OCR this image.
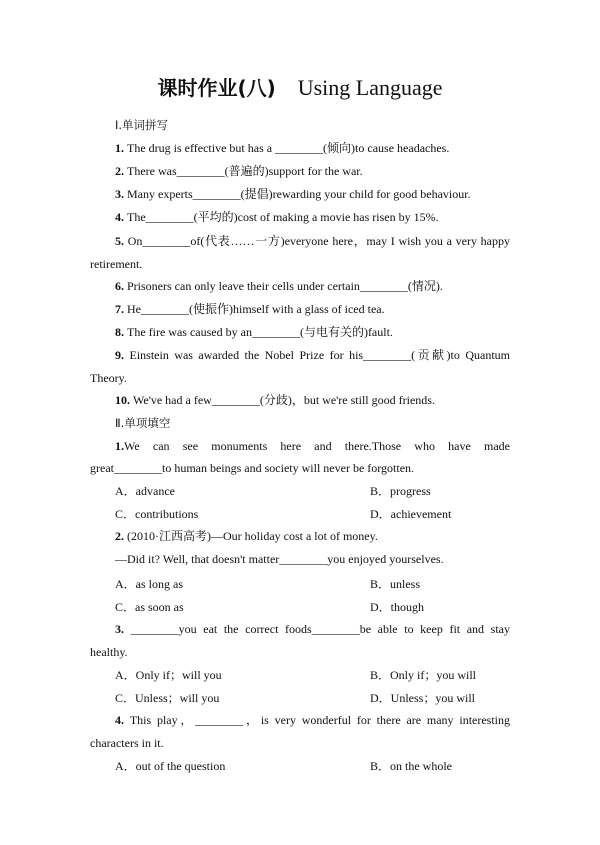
课时作业(八) Using Language
Ⅰ.单词拼写
1. The drug is effective but has a ________(倾向)to cause headaches.
2. There was________(普遍的)support for the war.
3. Many experts________(提倡)rewarding your child for good behaviour.
4. The________(平均的)cost of making a movie has risen by 15%.
5. On________of(代表……一方)everyone here，may I wish you a very happy
retirement.
6. Prisoners can only leave their cells under certain________(情况).
7. He________(使振作)himself with a glass of iced tea.
8. The fire was caused by an________(与电有关的)fault.
9. Einstein was awarded the Nobel Prize for his________(贡献)to Quantum
Theory.
10. We've had a few________(分歧)，but we're still good friends.
Ⅱ.单项填空
1.We can see monuments here and there.Those who have made
great________to human beings and society will never be forgotten.
A．advance	B．progress
C．contributions	D．achievement
2. (2010·江西高考)—Our holiday cost a lot of money.
—Did it? Well, that doesn't matter________you enjoyed yourselves.
A．as long as	B．unless
C．as soon as	D．though
3. ________you eat the correct foods________be able to keep fit and stay
healthy.
A．Only if；will you	B．Only if；you will
C．Unless；will you	D．Unless；you will
4. This play，________，is very wonderful for there are many interesting
characters in it.
A．out of the question	B．on the whole
